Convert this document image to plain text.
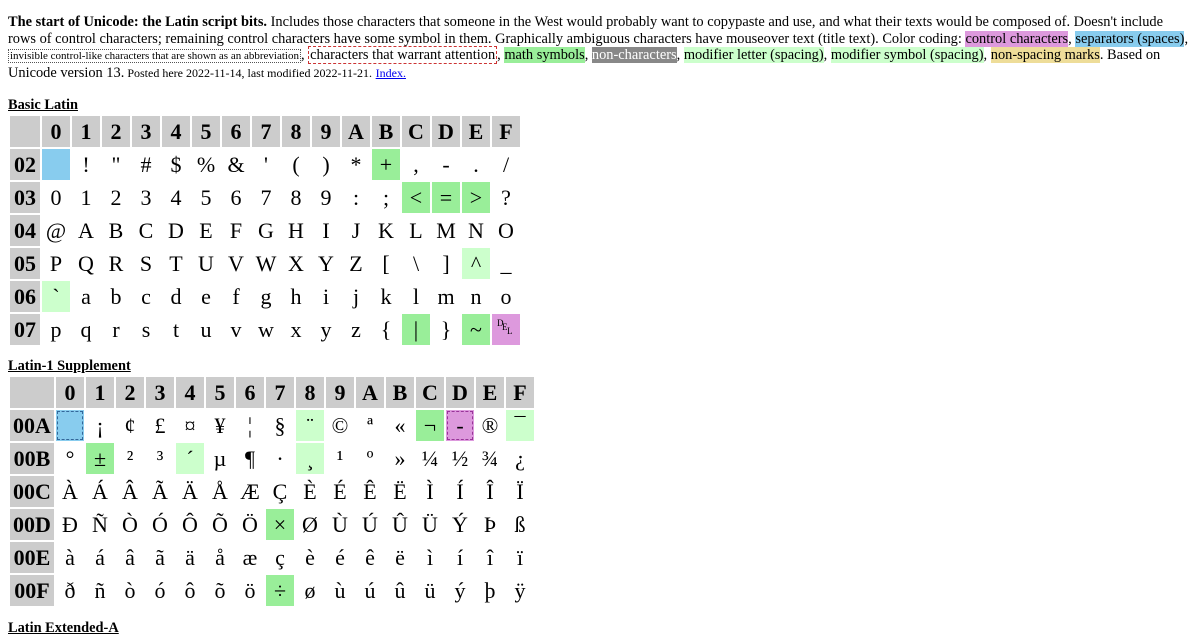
The start of Unicode: the Latin script bits. Includes those characters that someone in the West would probably want to copypaste and use, and what their texts would be composed of. Doesn't include rows of control characters; remaining control characters have some symbol in them. Graphically ambiguous characters have mouseover text (title text). Color coding: control characters, separators (spaces), invisible control-like characters that are shown as an abbreviation , characters that warrant attention , math symbols, non-characters, modifier letter (spacing), modifier symbol (spacing), non-spacing marks. Based on Unicode version 13. Posted here 2022-11-14, last modified 2022-11-21. Index.

Basic Latin

	0	1	2	3	4	5	6	7	8	9	A	B	C	D	E	F
02		!	"	#	$	%	&	'	(	)	*	+	,	-	.	/
03	0	1	2	3	4	5	6	7	8	9	:	;	<	=	>	?
04	@	A	B	C	D	E	F	G	H	I	J	K	L	M	N	O
05	P	Q	R	S	T	U	V	W	X	Y	Z	[	\	]	^	_
06	`	a	b	c	d	e	f	g	h	i	j	k	l	m	n	o
07	p	q	r	s	t	u	v	w	x	y	z	{	|	}	~	D
E L

Latin-1 Supplement

	0	1	2	3	4	5	6	7	8	9	A	B	C	D	E	F
00A		¡	¢	£	¤	¥	¦	§	¨	©	ª	«	¬	-	®	¯
00B	°	±	²	³	´	µ	¶	·	¸	¹	º	»	¼	½	¾	¿
00C	À	Á	Â	Ã	Ä	Å	Æ	Ç	È	É	Ê	Ë	Ì	Í	Î	Ï
00D	Ð	Ñ	Ò	Ó	Ô	Õ	Ö	×	Ø	Ù	Ú	Û	Ü	Ý	Þ	ß
00E	à	á	â	ã	ä	å	æ	ç	è	é	ê	ë	ì	í	î	ï
00F	ð	ñ	ò	ó	ô	õ	ö	÷	ø	ù	ú	û	ü	ý	þ	ÿ

Latin Extended-A
